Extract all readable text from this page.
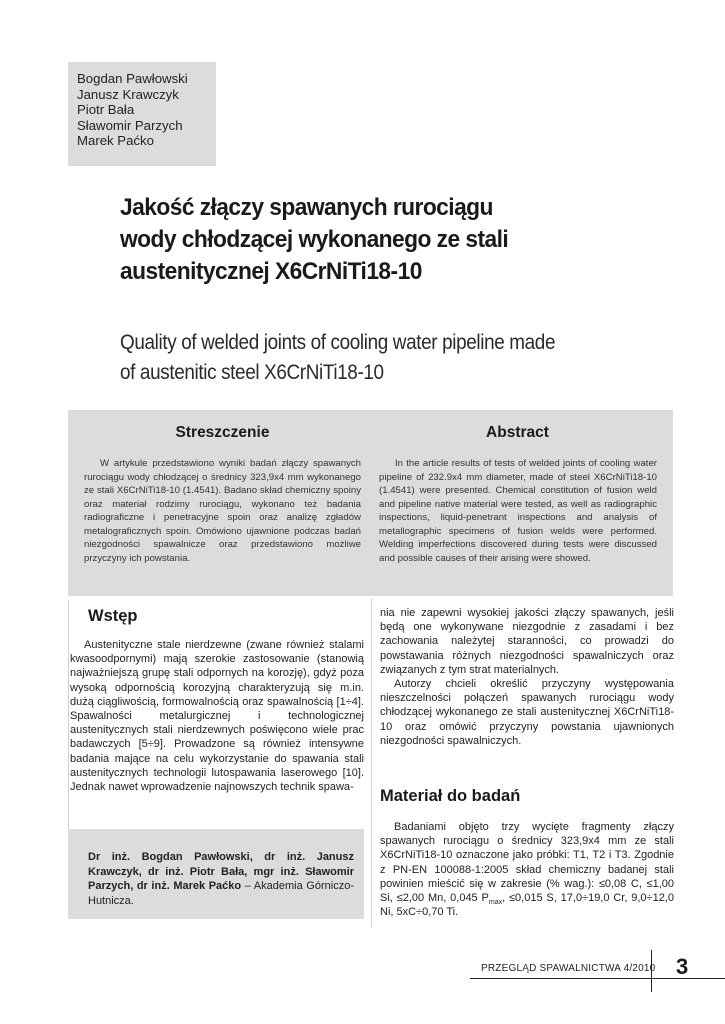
Bogdan Pawłowski
Janusz Krawczyk
Piotr Bała
Sławomir Parzych
Marek Paćko
Jakość złączy spawanych rurociągu
wody chłodzącej wykonanego ze stali
austenitycznej X6CrNiTi18-10
Quality of welded joints of cooling water pipeline made
of austenitic steel X6CrNiTi18-10
Streszczenie
W artykule przedstawiono wyniki badań złączy spawanych rurociągu wody chłodzącej o średnicy 323,9x4 mm wykonanego ze stali X6CrNiTi18-10 (1.4541). Badano skład chemiczny spoiny oraz materiał rodzimy rurociągu, wykonano też badania radiograficzne i penetracyjne spoin oraz analizę zgładów metalograficznych spoin. Omówiono ujawnione podczas badań niezgodności spawalnicze oraz przedstawiono możliwe przyczyny ich powstania.
Abstract
In the article results of tests of welded joints of cooling water pipeline of 232.9x4 mm diameter, made of steel X6CrNiTi18-10 (1.4541) were presented. Chemical constitution of fusion weld and pipeline native material were tested, as well as radiographic inspections, liquid-penetrant inspections and analysis of metallographic specimens of fusion welds were performed. Welding imperfections discovered during tests were discussed and possible causes of their arising were showed.
Wstęp

Austenityczne stale nierdzewne (zwane również stalami kwasoodpornymi) mają szerokie zastosowanie (stanowią najważniejszą grupę stali odpornych na korozję), gdyż poza wysoką odpornością korozyjną charakteryzują się m.in. dużą ciągliwością, formowalnością oraz spawalnością [1÷4]. Spawalności metalurgicznej i technologicznej austenitycznych stali nierdzewnych poświęcono wiele prac badawczych [5÷9]. Prowadzone są również intensywne badania mające na celu wykorzystanie do spawania stali austenitycznych technologii lutospawania laserowego [10]. Jednak nawet wprowadzenie najnowszych technik spawa-

nia nie zapewni wysokiej jakości złączy spawanych, jeśli będą one wykonywane niezgodnie z zasadami i bez zachowania należytej staranności, co prowadzi do powstawania różnych niezgodności spawalniczych oraz związanych z tym strat materialnych.

Autorzy chcieli określić przyczyny występowania nieszczelności połączeń spawanych rurociągu wody chłodzącej wykonanego ze stali austenitycznej X6CrNiTi18-10 oraz omówić przyczyny powstania ujawnionych niezgodności spawalniczych.

Dr inż. Bogdan Pawłowski, dr inż. Janusz Krawczyk, dr inż. Piotr Bała, mgr inż. Sławomir Parzych, dr inż. Marek Paćko – Akademia Górniczo-Hutnicza.
Materiał do badań

Badaniami objęto trzy wycięte fragmenty złączy spawanych rurociągu o średnicy 323,9x4 mm ze stali X6CrNiTi18-10 oznaczone jako próbki: T1, T2 i T3. Zgodnie z PN-EN 100088-1:2005 skład chemiczny badanej stali powinien mieścić się w zakresie (% wag.): ≤0,08 C, ≤1,00 Si, ≤2,00 Mn, 0,045 $P_{max}$, ≤0,015 S, 17,0÷19,0 Cr, 9,0÷12,0 Ni, 5xC÷0,70 Ti.

PRZEGLĄD SPAWALNICTWA 4/2010 3
